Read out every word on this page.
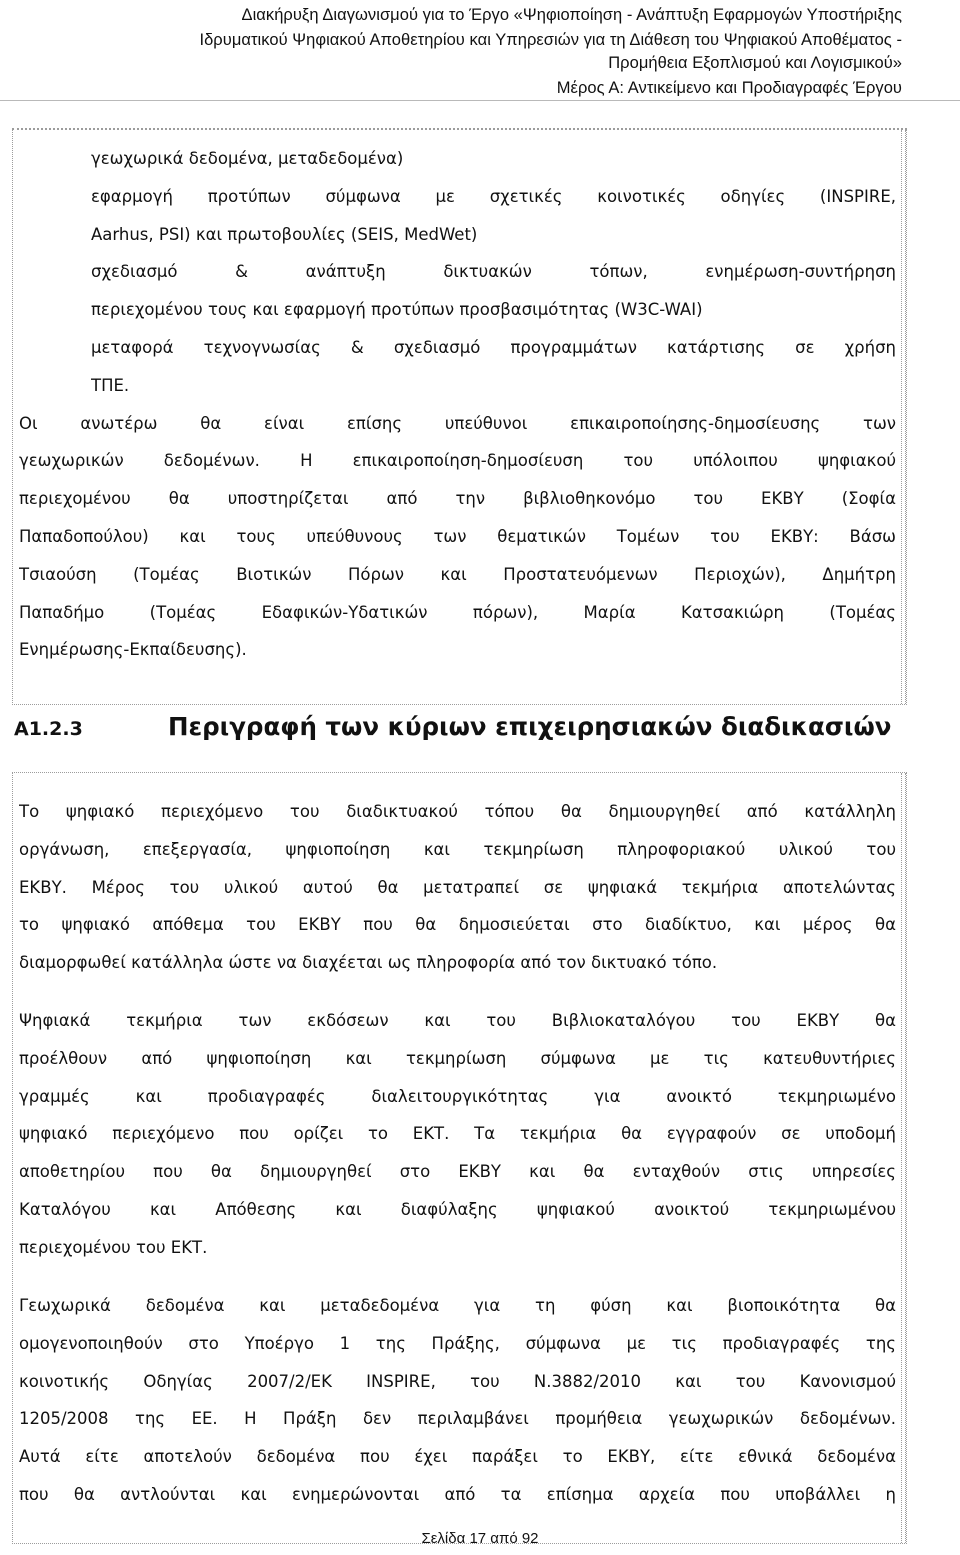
Διακήρυξη Διαγωνισμού για το Έργο «Ψηφιοποίηση - Ανάπτυξη Εφαρμογών Υποστήριξης
Ιδρυματικού Ψηφιακού Αποθετηρίου και Υπηρεσιών για τη Διάθεση του Ψηφιακού Αποθέματος -
Προμήθεια Εξοπλισμού και Λογισμικού»
Μέρος Α: Αντικείμενο και Προδιαγραφές Έργου
γεωχωρικά δεδομένα, μεταδεδομένα)
εφαρμογή προτύπων σύμφωνα με σχετικές κοινοτικές οδηγίες (INSPIRE,
Aarhus, PSI) και πρωτοβουλίες (SEIS, MedWet)
σχεδιασμό & ανάπτυξη δικτυακών τόπων, ενημέρωση-συντήρηση
περιεχομένου τους και εφαρμογή προτύπων προσβασιμότητας (W3C-WAI)
μεταφορά τεχνογνωσίας & σχεδιασμό προγραμμάτων κατάρτισης σε χρήση
ΤΠΕ.
Οι ανωτέρω θα είναι επίσης υπεύθυνοι επικαιροποίησης-δημοσίευσης των
γεωχωρικών δεδομένων. Η επικαιροποίηση-δημοσίευση του υπόλοιπου ψηφιακού
περιεχομένου θα υποστηρίζεται από την βιβλιοθηκονόμο του ΕΚΒΥ (Σοφία
Παπαδοπούλου) και τους υπεύθυνους των θεματικών Τομέων του ΕΚΒΥ: Βάσω
Τσιαούση (Τομέας Βιοτικών Πόρων και Προστατευόμενων Περιοχών), Δημήτρη
Παπαδήμο (Τομέας Εδαφικών-Υδατικών πόρων), Μαρία Κατσακιώρη (Τομέας
Ενημέρωσης-Εκπαίδευσης).
Α1.2.3	Περιγραφή των κύριων επιχειρησιακών διαδικασιών
Το ψηφιακό περιεχόμενο του διαδικτυακού τόπου θα δημιουργηθεί από κατάλληλη
οργάνωση, επεξεργασία, ψηφιοποίηση και τεκμηρίωση πληροφοριακού υλικού του
ΕΚΒΥ. Μέρος του υλικού αυτού θα μετατραπεί σε ψηφιακά τεκμήρια αποτελώντας
το ψηφιακό απόθεμα του ΕΚΒΥ που θα δημοσιεύεται στο διαδίκτυο, και μέρος θα
διαμορφωθεί κατάλληλα ώστε να διαχέεται ως πληροφορία από τον δικτυακό τόπο.
Ψηφιακά τεκμήρια των εκδόσεων και του Βιβλιοκαταλόγου του ΕΚΒΥ θα
προέλθουν από ψηφιοποίηση και τεκμηρίωση σύμφωνα με τις κατευθυντήριες
γραμμές και προδιαγραφές διαλειτουργικότητας για ανοικτό τεκμηριωμένο
ψηφιακό περιεχόμενο που ορίζει το ΕΚΤ. Τα τεκμήρια θα εγγραφούν σε υποδομή
αποθετηρίου που θα δημιουργηθεί στο ΕΚΒΥ και θα ενταχθούν στις υπηρεσίες
Καταλόγου και Απόθεσης και διαφύλαξης ψηφιακού ανοικτού τεκμηριωμένου
περιεχομένου του ΕΚΤ.
Γεωχωρικά δεδομένα και μεταδεδομένα για τη φύση και βιοποικότητα θα
ομογενοποιηθούν στο Υποέργο 1 της Πράξης, σύμφωνα με τις προδιαγραφές της
κοινοτικής Οδηγίας 2007/2/ΕΚ INSPIRE, του Ν.3882/2010 και του Κανονισμού
1205/2008 της ΕΕ. Η Πράξη δεν περιλαμβάνει προμήθεια γεωχωρικών δεδομένων.
Αυτά είτε αποτελούν δεδομένα που έχει παράξει το ΕΚΒΥ, είτε εθνικά δεδομένα
που θα αντλούνται και ενημερώνονται από τα επίσημα αρχεία που υποβάλλει η
Σελίδα 17 από 92
